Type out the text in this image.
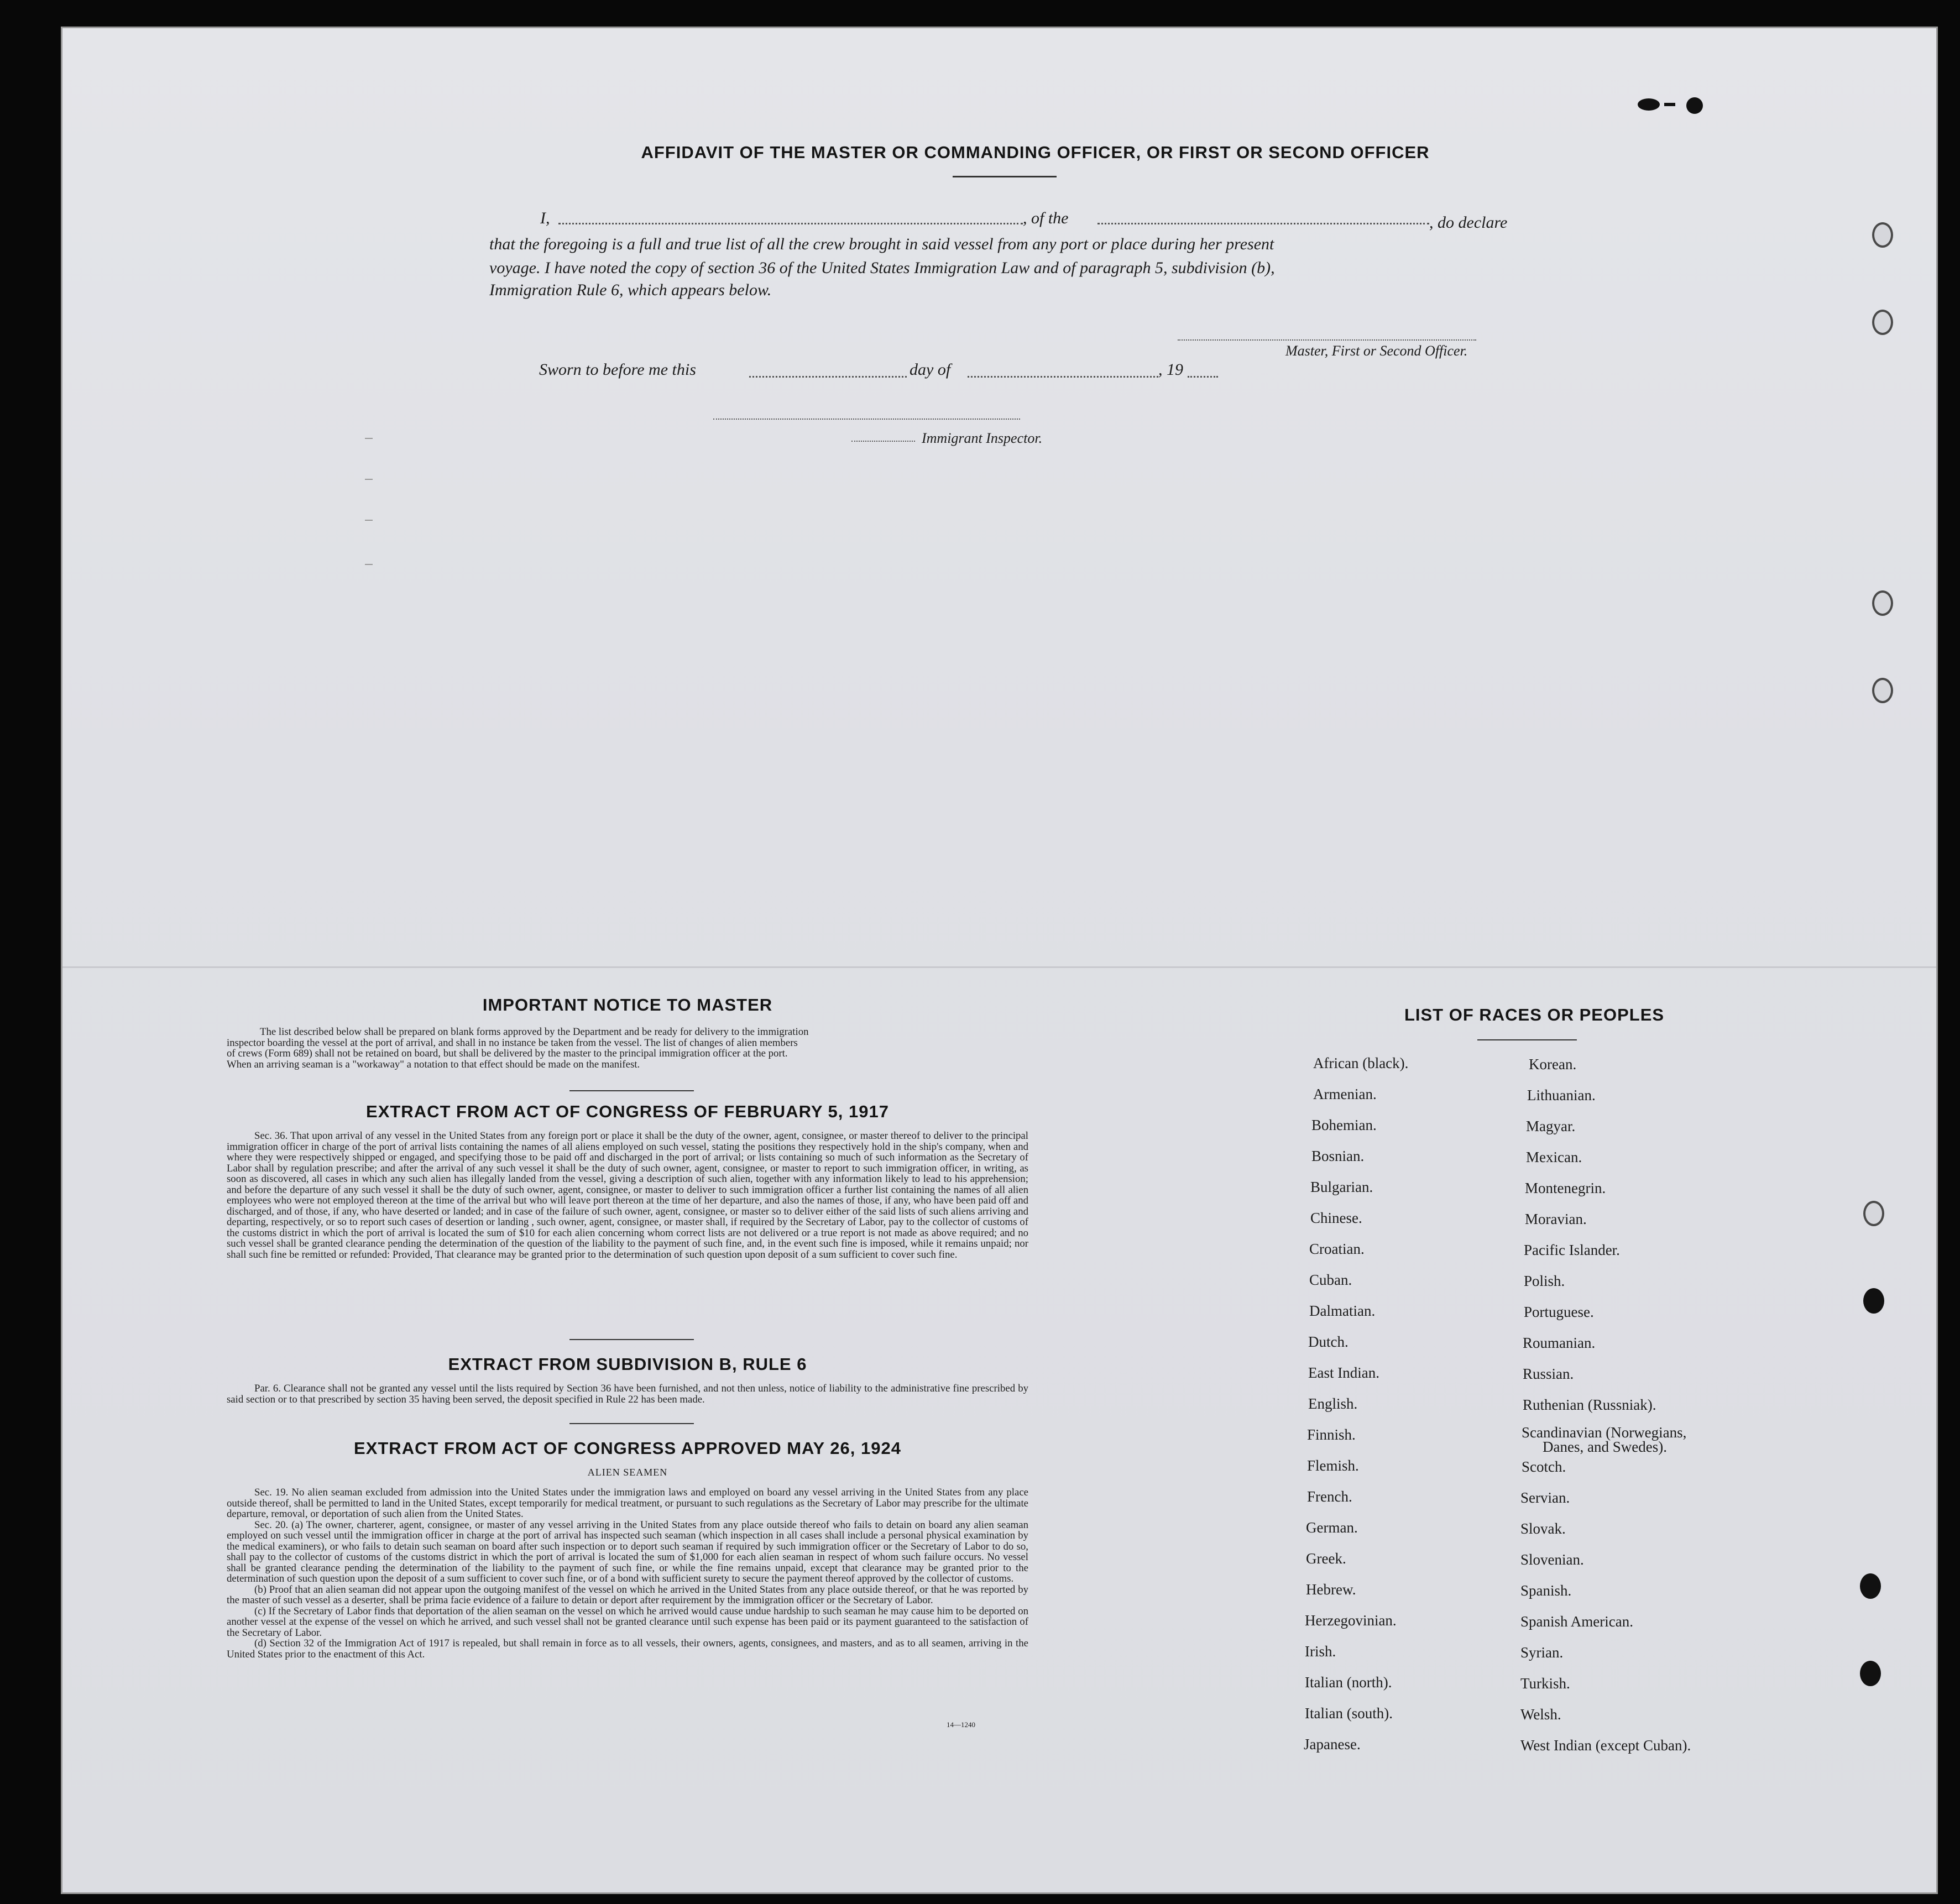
AFFIDAVIT OF THE MASTER OR COMMANDING OFFICER, OR FIRST OR SECOND OFFICER
I,	, of the	, do declare
that the foregoing is a full and true list of all the crew brought in said vessel from any port or place during her present
voyage. I have noted the copy of section 36 of the United States Immigration Law and of paragraph 5, subdivision (b),
Immigration Rule 6, which appears below.
Master, First or Second Officer.
Sworn to before me this	day of	, 19
Immigrant Inspector.
IMPORTANT NOTICE TO MASTER
The list described below shall be prepared on blank forms approved by the Department and be ready for delivery to the immigration
inspector boarding the vessel at the port of arrival, and shall in no instance be taken from the vessel. The list of changes of alien members
of crews (Form 689) shall not be retained on board, but shall be delivered by the master to the principal immigration officer at the port.
When an arriving seaman is a "workaway" a notation to that effect should be made on the manifest.
EXTRACT FROM ACT OF CONGRESS OF FEBRUARY 5, 1917
Sec. 36. That upon arrival of any vessel in the United States from any foreign port or place it shall be the duty of the owner, agent, consignee, or master thereof to deliver to the principal immigration officer in charge of the port of arrival lists containing the names of all aliens employed on such vessel, stating the positions they respectively hold in the ship's company, when and where they were respectively shipped or engaged, and specifying those to be paid off and discharged in the port of arrival; or lists containing so much of such information as the Secretary of Labor shall by regulation prescribe; and after the arrival of any such vessel it shall be the duty of such owner, agent, consignee, or master to report to such immigration officer, in writing, as soon as discovered, all cases in which any such alien has illegally landed from the vessel, giving a description of such alien, together with any information likely to lead to his apprehension; and before the departure of any such vessel it shall be the duty of such owner, agent, consignee, or master to deliver to such immigration officer a further list containing the names of all alien employees who were not employed thereon at the time of the arrival but who will leave port thereon at the time of her departure, and also the names of those, if any, who have been paid off and discharged, and of those, if any, who have deserted or landed; and in case of the failure of such owner, agent, consignee, or master so to deliver either of the said lists of such aliens arriving and departing, respectively, or so to report such cases of desertion or landing , such owner, agent, consignee, or master shall, if required by the Secretary of Labor, pay to the collector of customs of the customs district in which the port of arrival is located the sum of $10 for each alien concerning whom correct lists are not delivered or a true report is not made as above required; and no such vessel shall be granted clearance pending the determination of the question of the liability to the payment of such fine, and, in the event such fine is imposed, while it remains unpaid; nor shall such fine be remitted or refunded: Provided, That clearance may be granted prior to the determination of such question upon deposit of a sum sufficient to cover such fine.
EXTRACT FROM SUBDIVISION B, RULE 6
Par. 6. Clearance shall not be granted any vessel until the lists required by Section 36 have been furnished, and not then unless, notice of liability to the administrative fine prescribed by said section or to that prescribed by section 35 having been served, the deposit specified in Rule 22 has been made.
EXTRACT FROM ACT OF CONGRESS APPROVED MAY 26, 1924
ALIEN SEAMEN
Sec. 19. No alien seaman excluded from admission into the United States under the immigration laws and employed on board any vessel arriving in the United States from any place outside thereof, shall be permitted to land in the United States, except temporarily for medical treatment, or pursuant to such regulations as the Secretary of Labor may prescribe for the ultimate departure, removal, or deportation of such alien from the United States.
Sec. 20. (a) The owner, charterer, agent, consignee, or master of any vessel arriving in the United States from any place outside thereof who fails to detain on board any alien seaman employed on such vessel until the immigration officer in charge at the port of arrival has inspected such seaman (which inspection in all cases shall include a personal physical examination by the medical examiners), or who fails to detain such seaman on board after such inspection or to deport such seaman if required by such immigration officer or the Secretary of Labor to do so, shall pay to the collector of customs of the customs district in which the port of arrival is located the sum of $1,000 for each alien seaman in respect of whom such failure occurs. No vessel shall be granted clearance pending the determination of the liability to the payment of such fine, or while the fine remains unpaid, except that clearance may be granted prior to the determination of such question upon the deposit of a sum sufficient to cover such fine, or of a bond with sufficient surety to secure the payment thereof approved by the collector of customs.
(b) Proof that an alien seaman did not appear upon the outgoing manifest of the vessel on which he arrived in the United States from any place outside thereof, or that he was reported by the master of such vessel as a deserter, shall be prima facie evidence of a failure to detain or deport after requirement by the immigration officer or the Secretary of Labor.
(c) If the Secretary of Labor finds that deportation of the alien seaman on the vessel on which he arrived would cause undue hardship to such seaman he may cause him to be deported on another vessel at the expense of the vessel on which he arrived, and such vessel shall not be granted clearance until such expense has been paid or its payment guaranteed to the satisfaction of the Secretary of Labor.
(d) Section 32 of the Immigration Act of 1917 is repealed, but shall remain in force as to all vessels, their owners, agents, consignees, and masters, and as to all seamen, arriving in the United States prior to the enactment of this Act.
14—1240
LIST OF RACES OR PEOPLES
African (black).
Armenian.
Bohemian.
Bosnian.
Bulgarian.
Chinese.
Croatian.
Cuban.
Dalmatian.
Dutch.
East Indian.
English.
Finnish.
Flemish.
French.
German.
Greek.
Hebrew.
Herzegovinian.
Irish.
Italian (north).
Italian (south).
Japanese.
Korean.
Lithuanian.
Magyar.
Mexican.
Montenegrin.
Moravian.
Pacific Islander.
Polish.
Portuguese.
Roumanian.
Russian.
Ruthenian (Russniak).
Scandinavian (Norwegians,
Danes, and Swedes).
Scotch.
Servian.
Slovak.
Slovenian.
Spanish.
Spanish American.
Syrian.
Turkish.
Welsh.
West Indian (except Cuban).
